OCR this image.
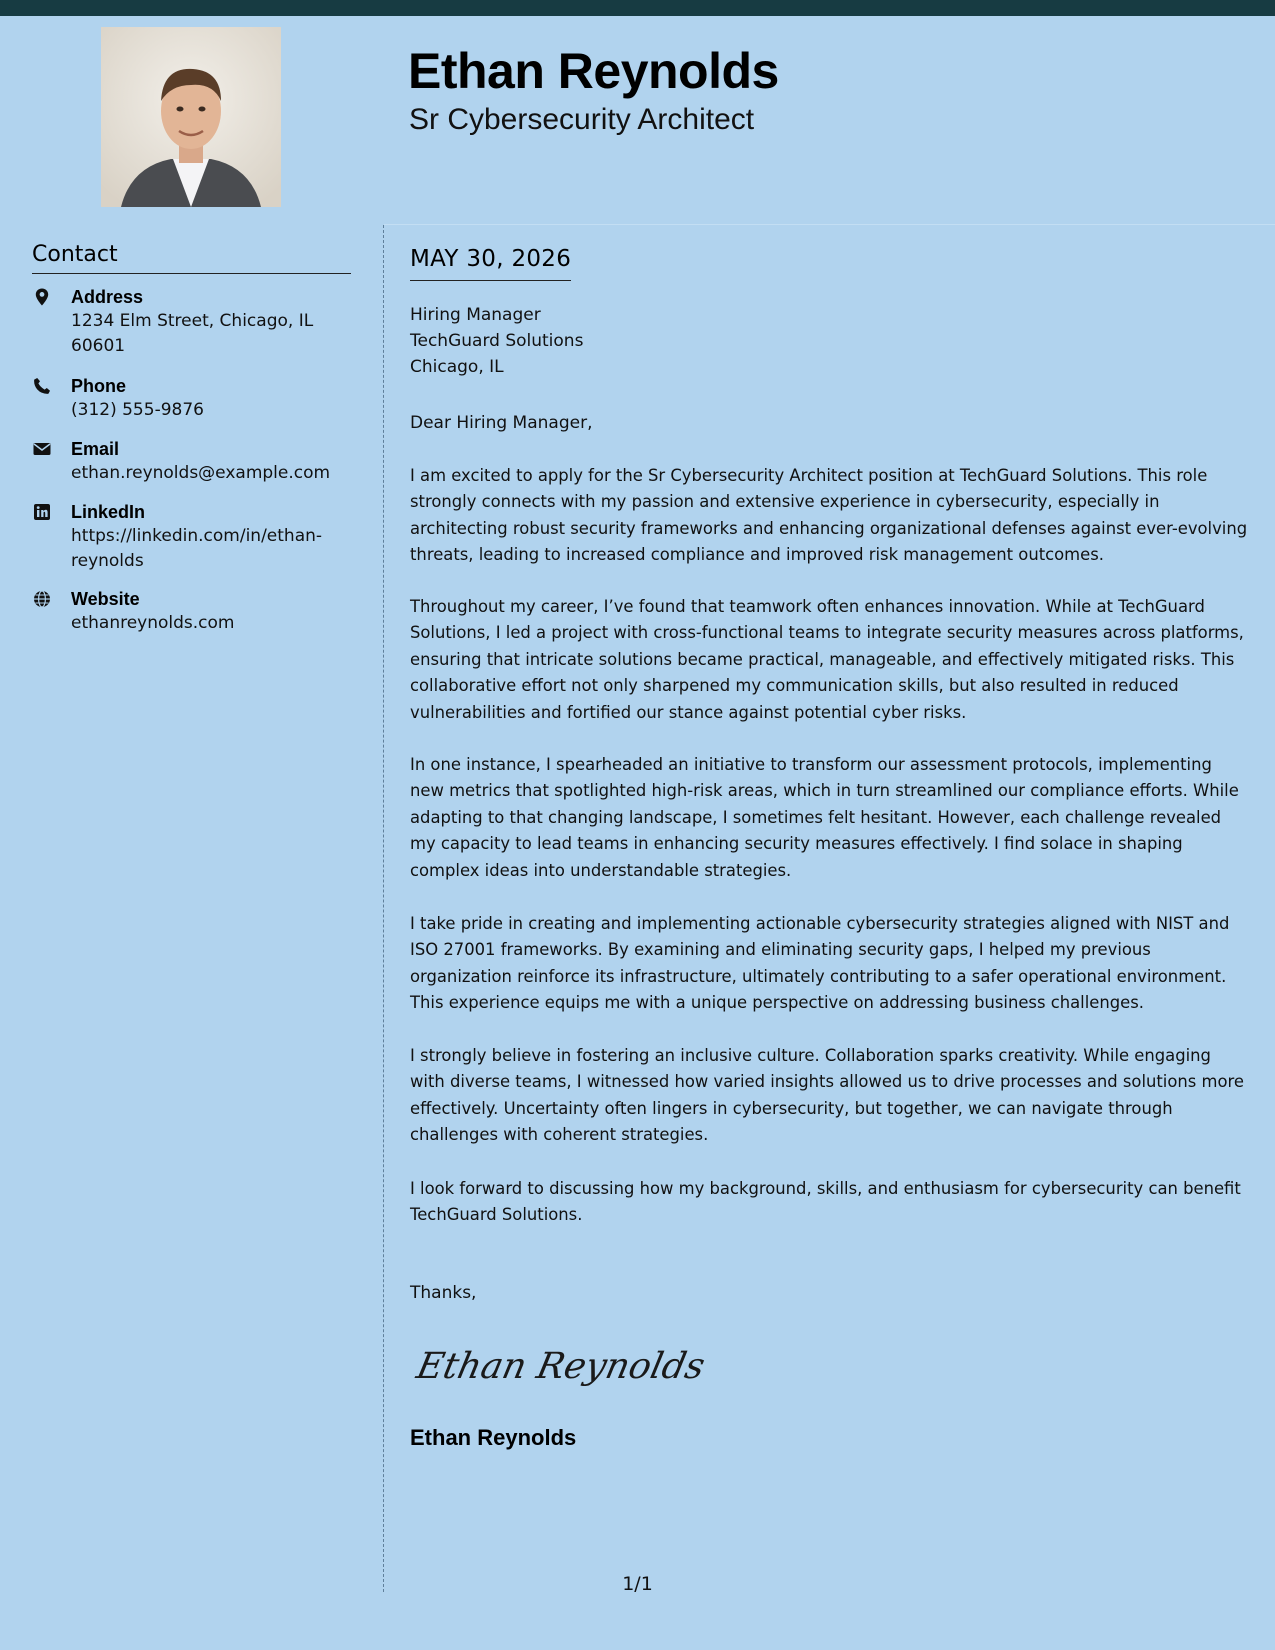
Ethan Reynolds
Sr Cybersecurity Architect
Contact
Address
1234 Elm Street, Chicago, IL 60601
Phone
(312) 555-9876
Email
ethan.reynolds@example.com
LinkedIn
https://linkedin.com/in/ethan-reynolds
Website
ethanreynolds.com
MAY 30, 2026
Hiring Manager
TechGuard Solutions
Chicago, IL
Dear Hiring Manager,

I am excited to apply for the Sr Cybersecurity Architect position at TechGuard Solutions. This role strongly connects with my passion and extensive experience in cybersecurity, especially in architecting robust security frameworks and enhancing organizational defenses against ever-evolving threats, leading to increased compliance and improved risk management outcomes.

Throughout my career, I’ve found that teamwork often enhances innovation. While at TechGuard Solutions, I led a project with cross-functional teams to integrate security measures across platforms, ensuring that intricate solutions became practical, manageable, and effectively mitigated risks. This collaborative effort not only sharpened my communication skills, but also resulted in reduced vulnerabilities and fortified our stance against potential cyber risks.

In one instance, I spearheaded an initiative to transform our assessment protocols, implementing new metrics that spotlighted high-risk areas, which in turn streamlined our compliance efforts. While adapting to that changing landscape, I sometimes felt hesitant. However, each challenge revealed my capacity to lead teams in enhancing security measures effectively. I find solace in shaping complex ideas into understandable strategies.

I take pride in creating and implementing actionable cybersecurity strategies aligned with NIST and ISO 27001 frameworks. By examining and eliminating security gaps, I helped my previous organization reinforce its infrastructure, ultimately contributing to a safer operational environment. This experience equips me with a unique perspective on addressing business challenges.

I strongly believe in fostering an inclusive culture. Collaboration sparks creativity. While engaging with diverse teams, I witnessed how varied insights allowed us to drive processes and solutions more effectively. Uncertainty often lingers in cybersecurity, but together, we can navigate through challenges with coherent strategies.

I look forward to discussing how my background, skills, and enthusiasm for cybersecurity can benefit TechGuard Solutions.

Thanks,
Ethan Reynolds
Ethan Reynolds
1/1
